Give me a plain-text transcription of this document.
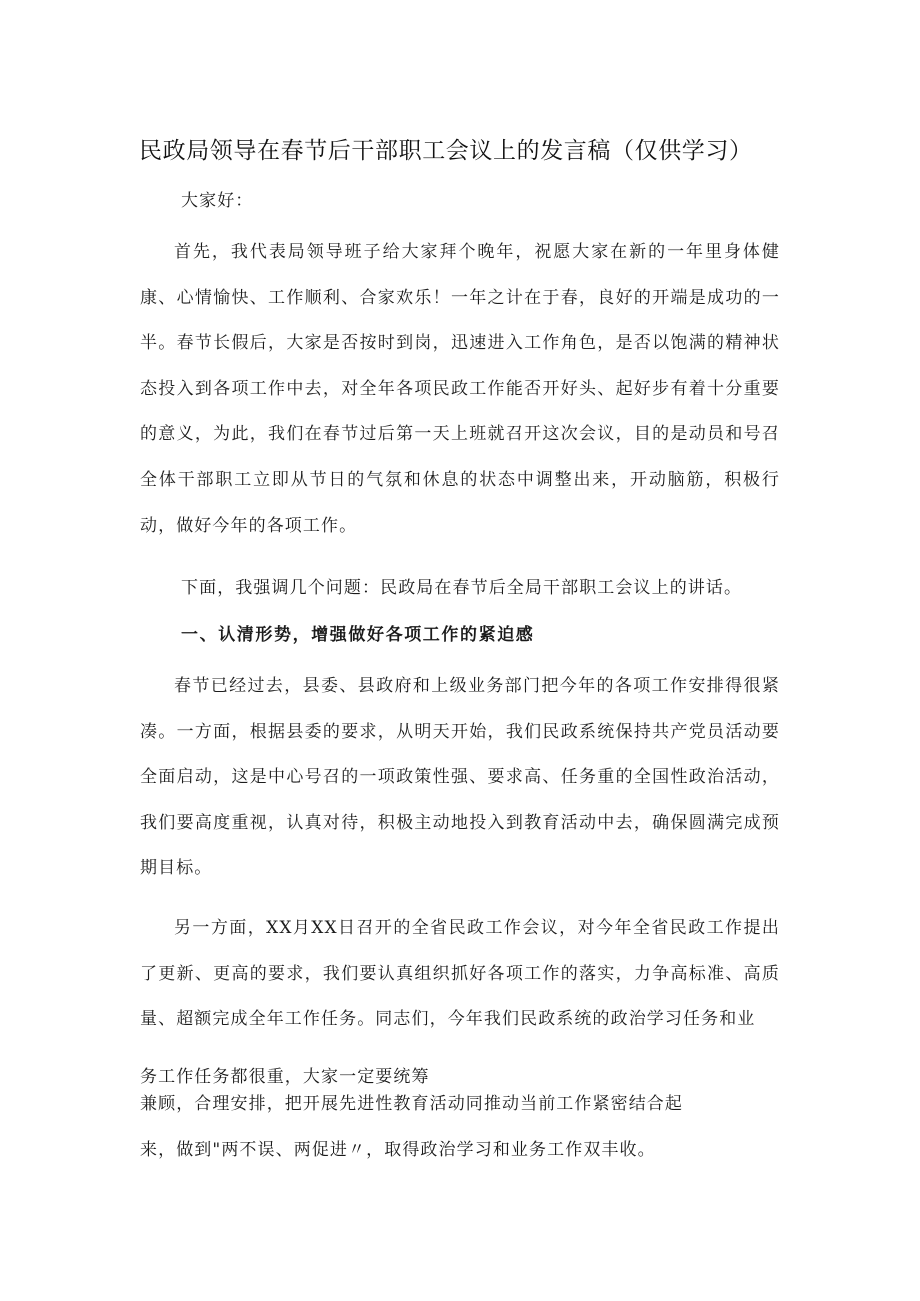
民政局领导在春节后干部职工会议上的发言稿（仅供学习）

大家好：

首先，我代表局领导班子给大家拜个晚年，祝愿大家在新的一年里身体健康、心情愉快、工作顺利、合家欢乐！一年之计在于春，良好的开端是成功的一半。春节长假后，大家是否按时到岗，迅速进入工作角色，是否以饱满的精神状态投入到各项工作中去，对全年各项民政工作能否开好头、起好步有着十分重要的意义，为此，我们在春节过后第一天上班就召开这次会议，目的是动员和号召全体干部职工立即从节日的气氛和休息的状态中调整出来，开动脑筋，积极行动，做好今年的各项工作。

下面，我强调几个问题：民政局在春节后全局干部职工会议上的讲话。

一、认清形势，增强做好各项工作的紧迫感

春节已经过去，县委、县政府和上级业务部门把今年的各项工作安排得很紧凑。一方面，根据县委的要求，从明天开始，我们民政系统保持共产党员活动要全面启动，这是中心号召的一项政策性强、要求高、任务重的全国性政治活动，我们要高度重视，认真对待，积极主动地投入到教育活动中去，确保圆满完成预期目标。

另一方面，XX月XX日召开的全省民政工作会议，对今年全省民政工作提出了更新、更高的要求，我们要认真组织抓好各项工作的落实，力争高标准、高质量、超额完成全年工作任务。同志们，今年我们民政系统的政治学习任务和业

务工作任务都很重，大家一定要统筹

兼顾，合理安排，把开展先进性教育活动同推动当前工作紧密结合起

来，做到"两不误、两促进〃，取得政治学习和业务工作双丰收。
